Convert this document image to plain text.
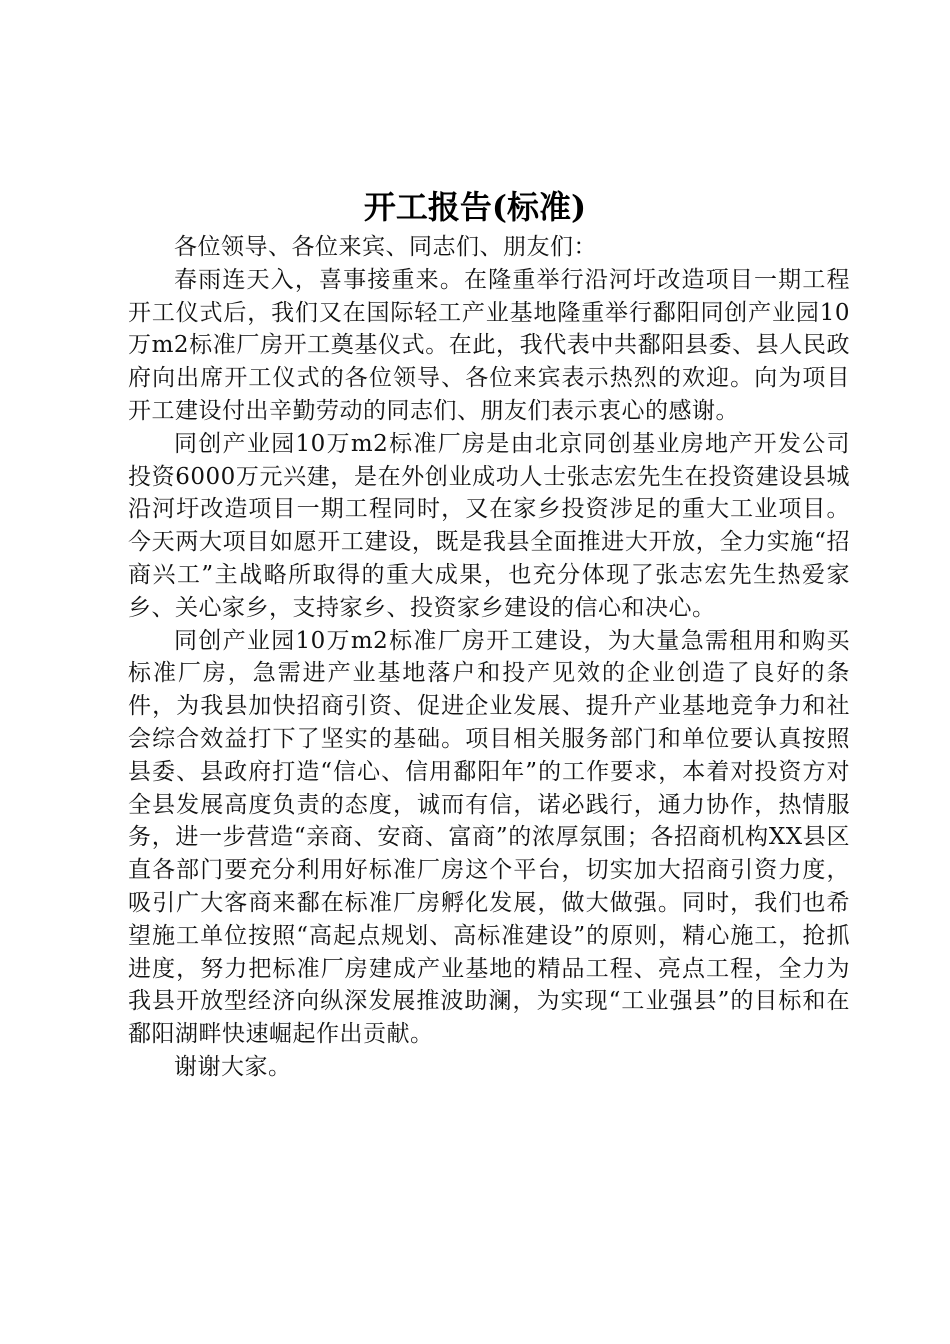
开工报告(标准)

各位领导、各位来宾、同志们、朋友们：

春雨连天入，喜事接重来。在隆重举行沿河圩改造项目一期工程开工仪式后，我们又在国际轻工产业基地隆重举行鄱阳同创产业园10万m2标准厂房开工奠基仪式。在此，我代表中共鄱阳县委、县人民政府向出席开工仪式的各位领导、各位来宾表示热烈的欢迎。向为项目开工建设付出辛勤劳动的同志们、朋友们表示衷心的感谢。

同创产业园10万m2标准厂房是由北京同创基业房地产开发公司投资6000万元兴建，是在外创业成功人士张志宏先生在投资建设县城沿河圩改造项目一期工程同时，又在家乡投资涉足的重大工业项目。今天两大项目如愿开工建设，既是我县全面推进大开放，全力实施“招商兴工”主战略所取得的重大成果，也充分体现了张志宏先生热爱家乡、关心家乡，支持家乡、投资家乡建设的信心和决心。

同创产业园10万m2标准厂房开工建设，为大量急需租用和购买标准厂房，急需进产业基地落户和投产见效的企业创造了良好的条件，为我县加快招商引资、促进企业发展、提升产业基地竞争力和社会综合效益打下了坚实的基础。项目相关服务部门和单位要认真按照县委、县政府打造“信心、信用鄱阳年”的工作要求，本着对投资方对全县发展高度负责的态度，诚而有信，诺必践行，通力协作，热情服务，进一步营造“亲商、安商、富商”的浓厚氛围；各招商机构XX县区直各部门要充分利用好标准厂房这个平台，切实加大招商引资力度，吸引广大客商来鄱在标准厂房孵化发展，做大做强。同时，我们也希望施工单位按照“高起点规划、高标准建设”的原则，精心施工，抢抓进度，努力把标准厂房建成产业基地的精品工程、亮点工程，全力为我县开放型经济向纵深发展推波助澜，为实现“工业强县”的目标和在鄱阳湖畔快速崛起作出贡献。

谢谢大家。
